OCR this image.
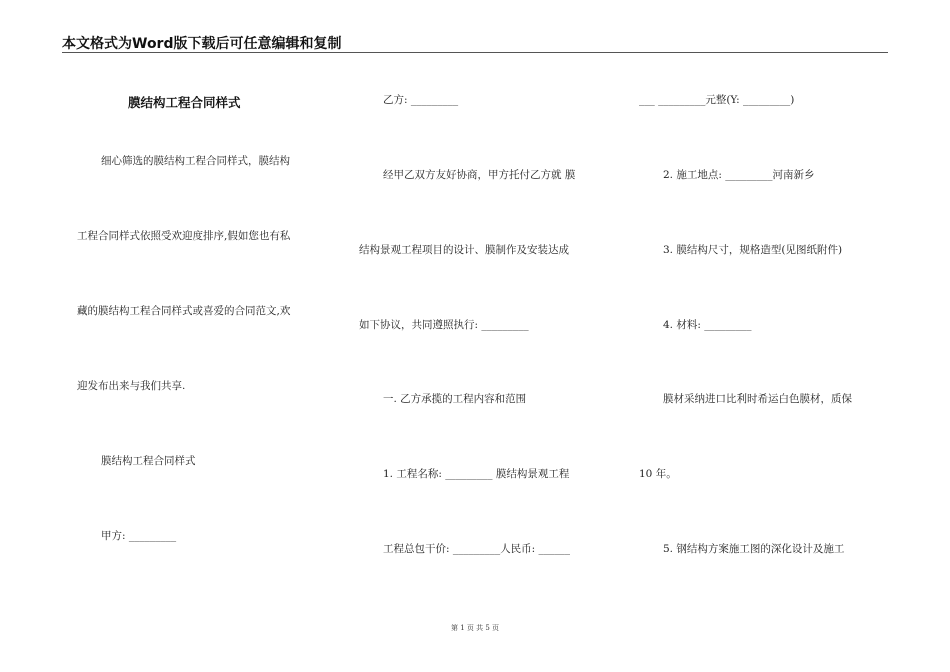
本文格式为Word版下载后可任意编辑和复制
膜结构工程合同样式
细心筛选的膜结构工程合同样式，膜结构
工程合同样式依照受欢迎度排序,假如您也有私
藏的膜结构工程合同样式或喜爱的合同范文,欢
迎发布出来与我们共享.
膜结构工程合同样式
甲方: _________
乙方: _________
经甲乙双方友好协商，甲方托付乙方就 膜
结构景观工程项目的设计、膜制作及安装达成
如下协议，共同遵照执行: _________
一. 乙方承揽的工程内容和范围
1. 工程名称: _________ 膜结构景观工程
工程总包干价: _________人民币: ______
___ _________元整(Y: _________)
2. 施工地点: _________河南新乡
3. 膜结构尺寸，规格造型(见图纸附件)
4. 材料: _________
膜材采纳进口比利时希运白色膜材，质保
10 年。
5. 钢结构方案施工图的深化设计及施工
第 1 页 共 5 页
